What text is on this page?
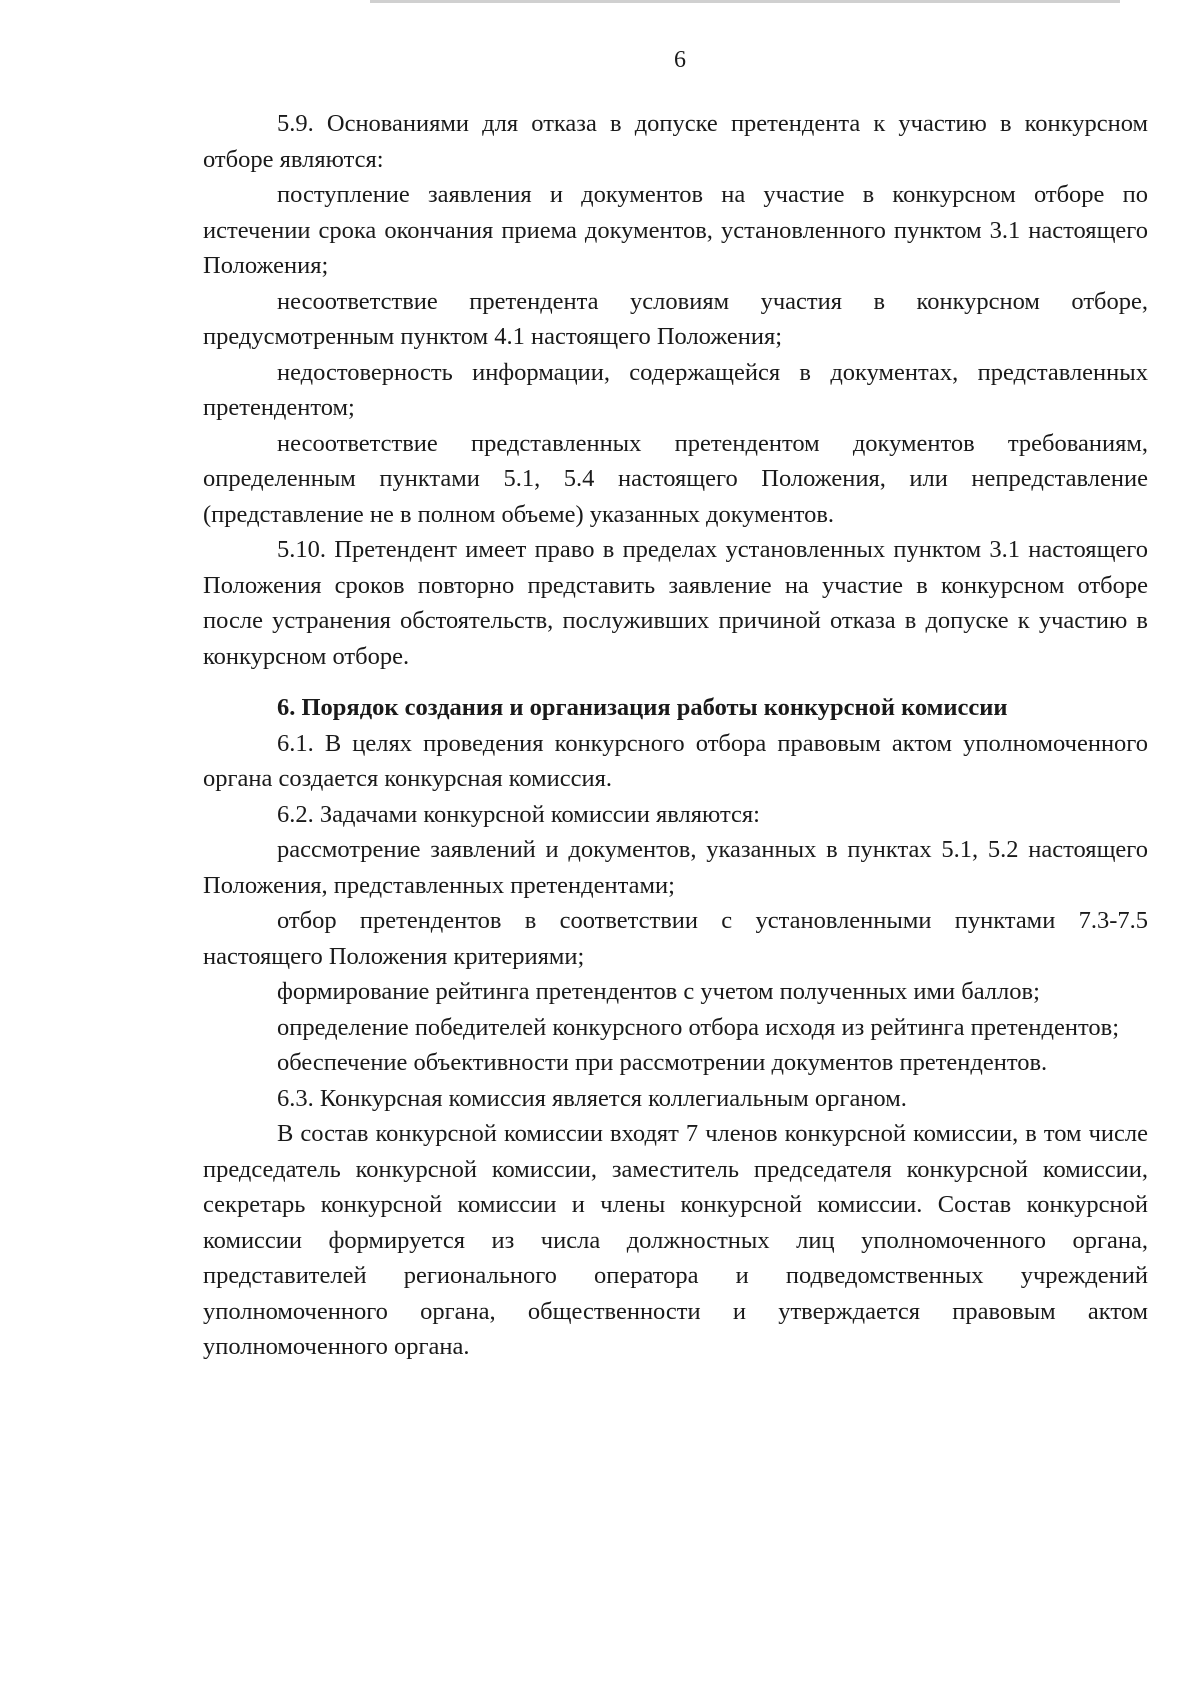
6

5.9. Основаниями для отказа в допуске претендента к участию в конкурсном отборе являются:

поступление заявления и документов на участие в конкурсном отборе по истечении срока окончания приема документов, установленного пунктом 3.1 настоящего Положения;

несоответствие претендента условиям участия в конкурсном отборе, предусмотренным пунктом 4.1 настоящего Положения;

недостоверность информации, содержащейся в документах, представленных претендентом;

несоответствие представленных претендентом документов требованиям, определенным пунктами 5.1, 5.4 настоящего Положения, или непредставление (представление не в полном объеме) указанных документов.

5.10. Претендент имеет право в пределах установленных пунктом 3.1 настоящего Положения сроков повторно представить заявление на участие в конкурсном отборе после устранения обстоятельств, послуживших причиной отказа в допуске к участию в конкурсном отборе.

6. Порядок создания и организация работы конкурсной комиссии

6.1. В целях проведения конкурсного отбора правовым актом уполномоченного органа создается конкурсная комиссия.

6.2. Задачами конкурсной комиссии являются:

рассмотрение заявлений и документов, указанных в пунктах 5.1, 5.2 настоящего Положения, представленных претендентами;

отбор претендентов в соответствии с установленными пунктами 7.3-7.5 настоящего Положения критериями;

формирование рейтинга претендентов с учетом полученных ими баллов;

определение победителей конкурсного отбора исходя из рейтинга претендентов;

обеспечение объективности при рассмотрении документов претендентов.

6.3. Конкурсная комиссия является коллегиальным органом.

В состав конкурсной комиссии входят 7 членов конкурсной комиссии, в том числе председатель конкурсной комиссии, заместитель председателя конкурсной комиссии, секретарь конкурсной комиссии и члены конкурсной комиссии. Состав конкурсной комиссии формируется из числа должностных лиц уполномоченного органа, представителей регионального оператора и подведомственных учреждений уполномоченного органа, общественности и утверждается правовым актом уполномоченного органа.
